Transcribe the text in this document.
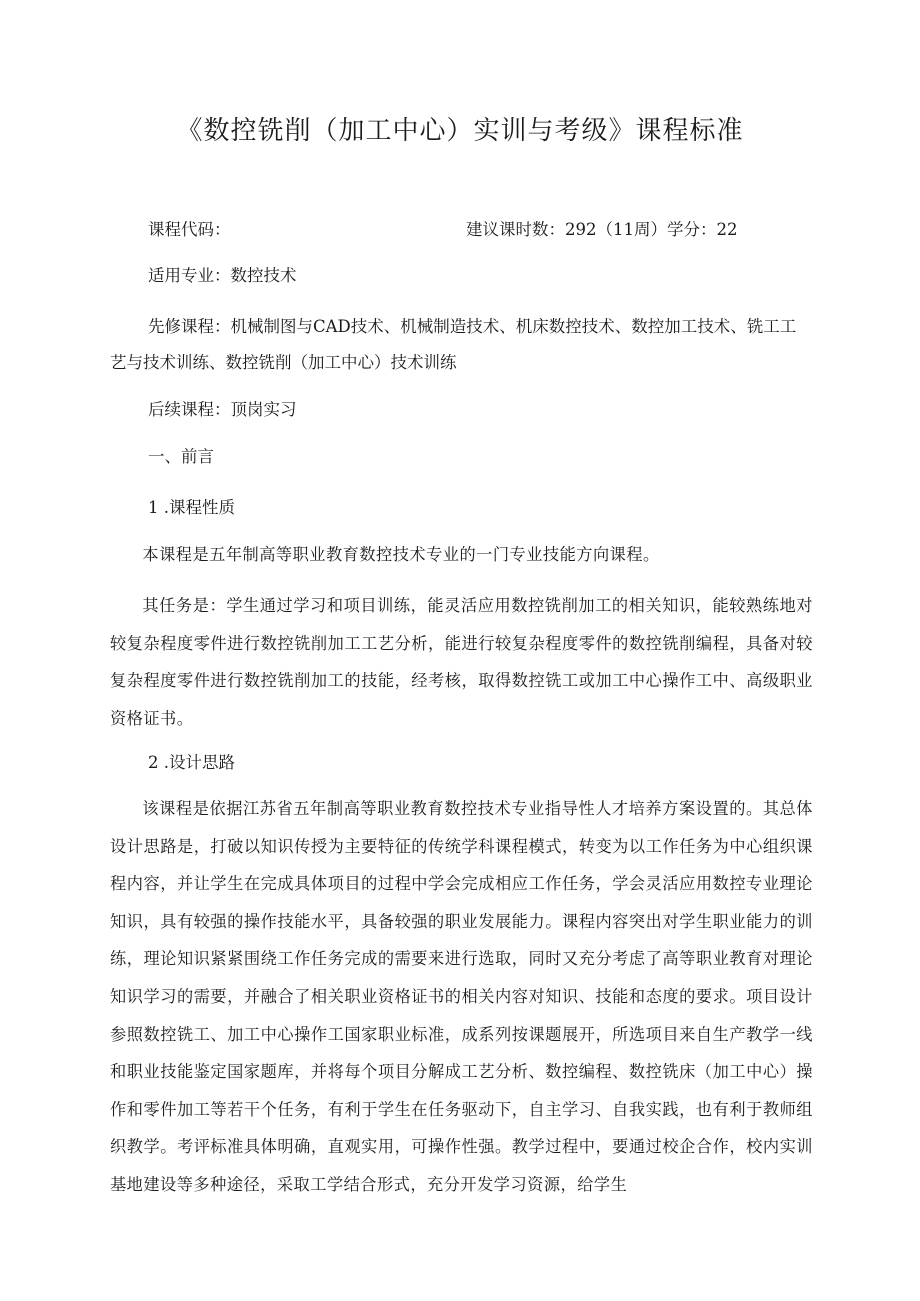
《数控铣削（加工中心）实训与考级》课程标准
课程代码：	建议课时数：292（11周）学分：22
适用专业：数控技术
先修课程：机械制图与CAD技术、机械制造技术、机床数控技术、数控加工技术、铣工工
艺与技术训练、数控铣削（加工中心）技术训练
后续课程：顶岗实习
一、前言
1 .课程性质

本课程是五年制高等职业教育数控技术专业的一门专业技能方向课程。

其任务是：学生通过学习和项目训练，能灵活应用数控铣削加工的相关知识，能较熟练地对较复杂程度零件进行数控铣削加工工艺分析，能进行较复杂程度零件的数控铣削编程，具备对较复杂程度零件进行数控铣削加工的技能，经考核，取得数控铣工或加工中心操作工中、高级职业资格证书。

2 .设计思路

该课程是依据江苏省五年制高等职业教育数控技术专业指导性人才培养方案设置的。其总体设计思路是，打破以知识传授为主要特征的传统学科课程模式，转变为以工作任务为中心组织课程内容，并让学生在完成具体项目的过程中学会完成相应工作任务，学会灵活应用数控专业理论知识，具有较强的操作技能水平，具备较强的职业发展能力。课程内容突出对学生职业能力的训练，理论知识紧紧围绕工作任务完成的需要来进行选取，同时又充分考虑了高等职业教育对理论知识学习的需要，并融合了相关职业资格证书的相关内容对知识、技能和态度的要求。项目设计参照数控铣工、加工中心操作工国家职业标准，成系列按课题展开，所选项目来自生产教学一线和职业技能鉴定国家题库，并将每个项目分解成工艺分析、数控编程、数控铣床（加工中心）操作和零件加工等若干个任务，有利于学生在任务驱动下，自主学习、自我实践，也有利于教师组织教学。考评标准具体明确，直观实用，可操作性强。教学过程中，要通过校企合作，校内实训基地建设等多种途径，采取工学结合形式，充分开发学习资源，给学生
